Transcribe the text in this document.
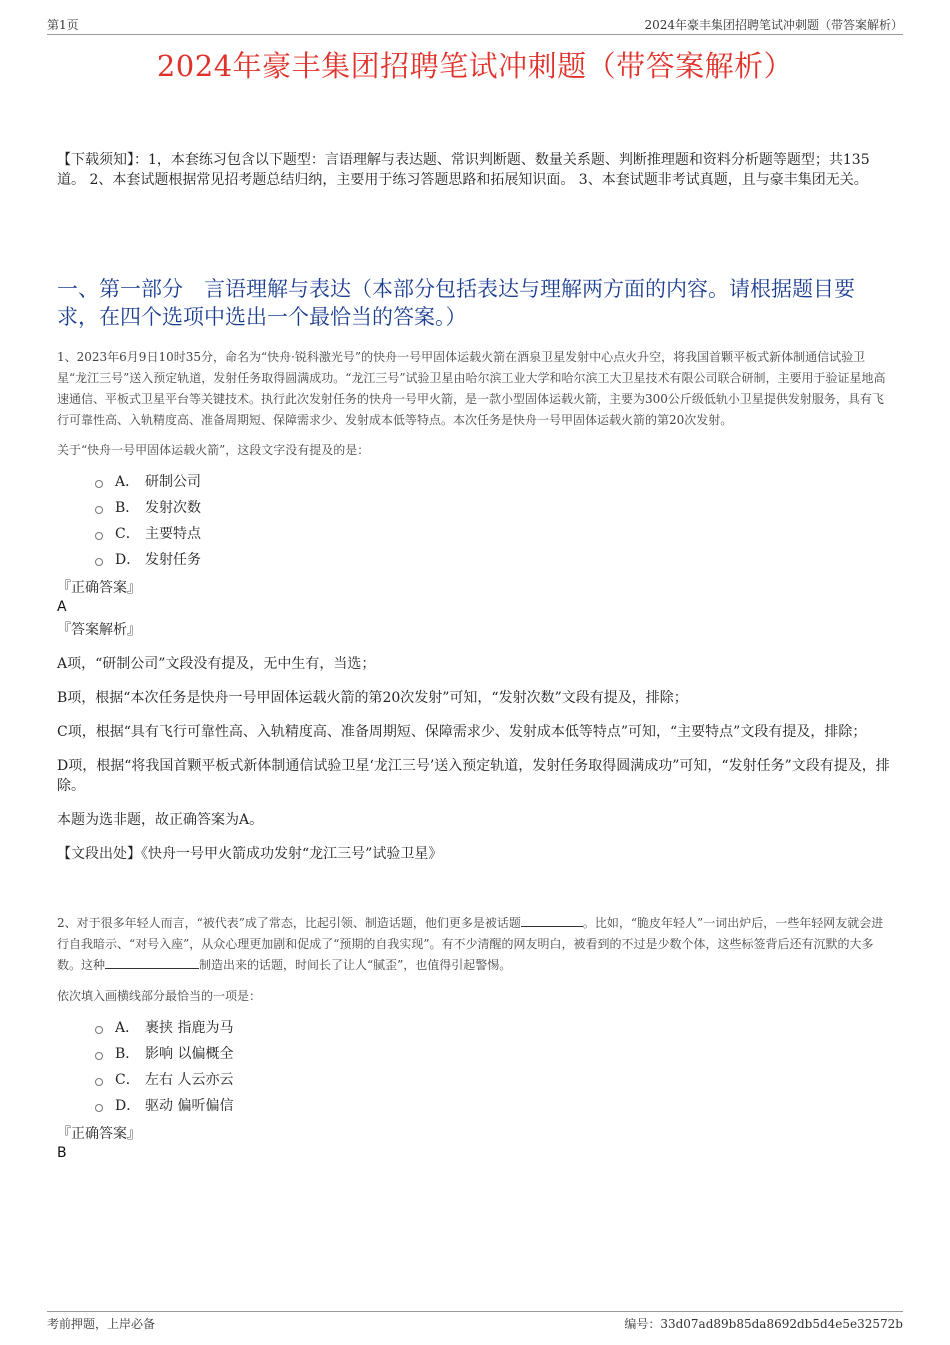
第1页	2024年豪丰集团招聘笔试冲刺题（带答案解析）
2024年豪丰集团招聘笔试冲刺题（带答案解析）
【下载须知】：1，本套练习包含以下题型：言语理解与表达题、常识判断题、数量关系题、判断推理题和资料分析题等题型；共135道。 2、本套试题根据常见招考题总结归纳，主要用于练习答题思路和拓展知识面。 3、本套试题非考试真题，且与豪丰集团无关。
一、第一部分　言语理解与表达（本部分包括表达与理解两方面的内容。请根据题目要求，在四个选项中选出一个最恰当的答案。）

1、2023年6月9日10时35分，命名为“快舟·锐科激光号”的快舟一号甲固体运载火箭在酒泉卫星发射中心点火升空，将我国首颗平板式新体制通信试验卫星“龙江三号”送入预定轨道，发射任务取得圆满成功。“龙江三号”试验卫星由哈尔滨工业大学和哈尔滨工大卫星技术有限公司联合研制，主要用于验证星地高速通信、平板式卫星平台等关键技术。执行此次发射任务的快舟一号甲火箭，是一款小型固体运载火箭，主要为300公斤级低轨小卫星提供发射服务，具有飞行可靠性高、入轨精度高、准备周期短、保障需求少、发射成本低等特点。本次任务是快舟一号甲固体运载火箭的第20次发射。

关于“快舟一号甲固体运载火箭”，这段文字没有提及的是：

A． 研制公司
B． 发射次数
C． 主要特点
D． 发射任务

『正确答案』

A

『答案解析』

A项，“研制公司”文段没有提及，无中生有，当选；

B项，根据“本次任务是快舟一号甲固体运载火箭的第20次发射”可知，“发射次数”文段有提及，排除；

C项，根据“具有飞行可靠性高、入轨精度高、准备周期短、保障需求少、发射成本低等特点”可知，“主要特点”文段有提及，排除；

D项，根据“将我国首颗平板式新体制通信试验卫星‘龙江三号’送入预定轨道，发射任务取得圆满成功”可知，“发射任务”文段有提及，排除。

本题为选非题，故正确答案为A。

【文段出处】《快舟一号甲火箭成功发射“龙江三号”试验卫星》

2、对于很多年轻人而言，“被代表”成了常态，比起引领、制造话题，他们更多是被话题	。比如，“脆皮年轻人”一词出炉后，一些年轻网友就会进行自我暗示、“对号入座”，从众心理更加剧和促成了“预期的自我实现”。有不少清醒的网友明白，被看到的不过是少数个体，这些标签背后还有沉默的大多数。这种	制造出来的话题，时间长了让人“腻歪”，也值得引起警惕。

依次填入画横线部分最恰当的一项是：

A． 裹挟 指鹿为马
B． 影响 以偏概全
C． 左右 人云亦云
D． 驱动 偏听偏信

『正确答案』

B

考前押题，上岸必备	编号：33d07ad89b85da8692db5d4e5e32572b
